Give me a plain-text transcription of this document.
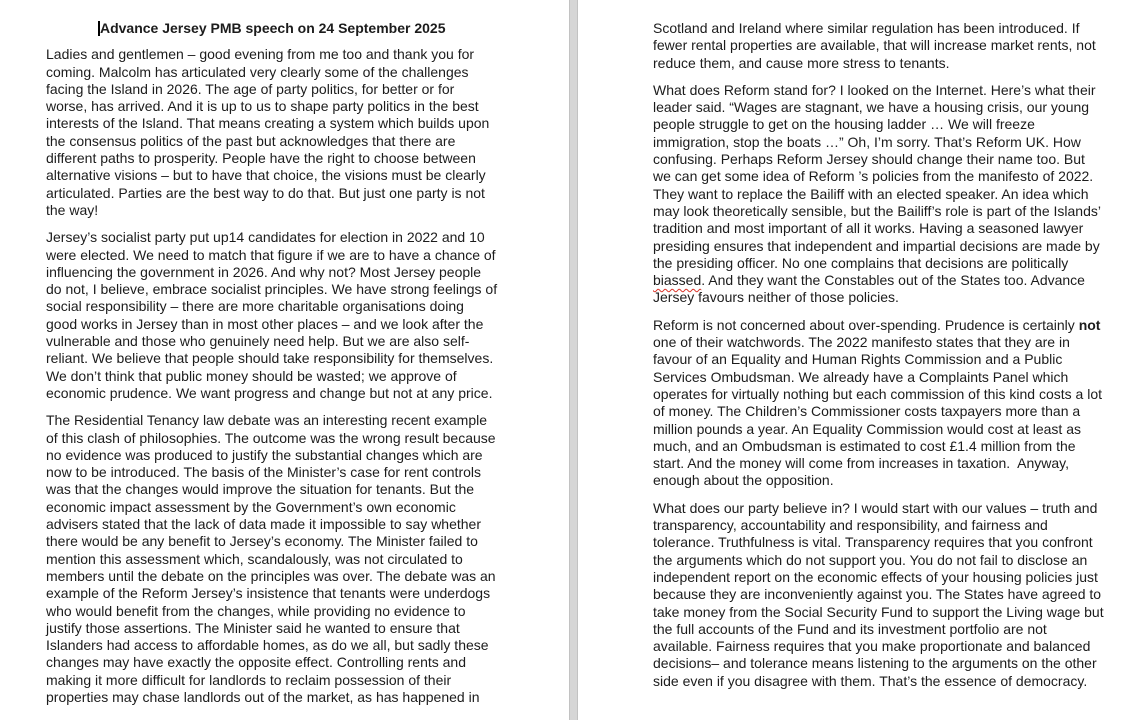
Advance Jersey PMB speech on 24 September 2025
Ladies and gentlemen – good evening from me too and thank you for
coming. Malcolm has articulated very clearly some of the challenges
facing the Island in 2026. The age of party politics, for better or for
worse, has arrived. And it is up to us to shape party politics in the best
interests of the Island. That means creating a system which builds upon
the consensus politics of the past but acknowledges that there are
different paths to prosperity. People have the right to choose between
alternative visions – but to have that choice, the visions must be clearly
articulated. Parties are the best way to do that. But just one party is not
the way!
Jersey’s socialist party put up14 candidates for election in 2022 and 10
were elected. We need to match that figure if we are to have a chance of
influencing the government in 2026. And why not? Most Jersey people
do not, I believe, embrace socialist principles. We have strong feelings of
social responsibility – there are more charitable organisations doing
good works in Jersey than in most other places – and we look after the
vulnerable and those who genuinely need help. But we are also self-
reliant. We believe that people should take responsibility for themselves.
We don’t think that public money should be wasted; we approve of
economic prudence. We want progress and change but not at any price.
The Residential Tenancy law debate was an interesting recent example
of this clash of philosophies. The outcome was the wrong result because
no evidence was produced to justify the substantial changes which are
now to be introduced. The basis of the Minister’s case for rent controls
was that the changes would improve the situation for tenants. But the
economic impact assessment by the Government’s own economic
advisers stated that the lack of data made it impossible to say whether
there would be any benefit to Jersey’s economy. The Minister failed to
mention this assessment which, scandalously, was not circulated to
members until the debate on the principles was over. The debate was an
example of the Reform Jersey’s insistence that tenants were underdogs
who would benefit from the changes, while providing no evidence to
justify those assertions. The Minister said he wanted to ensure that
Islanders had access to affordable homes, as do we all, but sadly these
changes may have exactly the opposite effect. Controlling rents and
making it more difficult for landlords to reclaim possession of their
properties may chase landlords out of the market, as has happened in
Scotland and Ireland where similar regulation has been introduced. If
fewer rental properties are available, that will increase market rents, not
reduce them, and cause more stress to tenants.
What does Reform stand for? I looked on the Internet. Here’s what their
leader said. “Wages are stagnant, we have a housing crisis, our young
people struggle to get on the housing ladder … We will freeze
immigration, stop the boats …” Oh, I’m sorry. That’s Reform UK. How
confusing. Perhaps Reform Jersey should change their name too. But
we can get some idea of Reform ’s policies from the manifesto of 2022.
They want to replace the Bailiff with an elected speaker. An idea which
may look theoretically sensible, but the Bailiff’s role is part of the Islands’
tradition and most important of all it works. Having a seasoned lawyer
presiding ensures that independent and impartial decisions are made by
the presiding officer. No one complains that decisions are politically
biassed. And they want the Constables out of the States too. Advance
Jersey favours neither of those policies.
Reform is not concerned about over-spending. Prudence is certainly not
one of their watchwords. The 2022 manifesto states that they are in
favour of an Equality and Human Rights Commission and a Public
Services Ombudsman. We already have a Complaints Panel which
operates for virtually nothing but each commission of this kind costs a lot
of money. The Children’s Commissioner costs taxpayers more than a
million pounds a year. An Equality Commission would cost at least as
much, and an Ombudsman is estimated to cost £1.4 million from the
start. And the money will come from increases in taxation.  Anyway,
enough about the opposition.
What does our party believe in? I would start with our values – truth and
transparency, accountability and responsibility, and fairness and
tolerance. Truthfulness is vital. Transparency requires that you confront
the arguments which do not support you. You do not fail to disclose an
independent report on the economic effects of your housing policies just
because they are inconveniently against you. The States have agreed to
take money from the Social Security Fund to support the Living wage but
the full accounts of the Fund and its investment portfolio are not
available. Fairness requires that you make proportionate and balanced
decisions– and tolerance means listening to the arguments on the other
side even if you disagree with them. That’s the essence of democracy.
